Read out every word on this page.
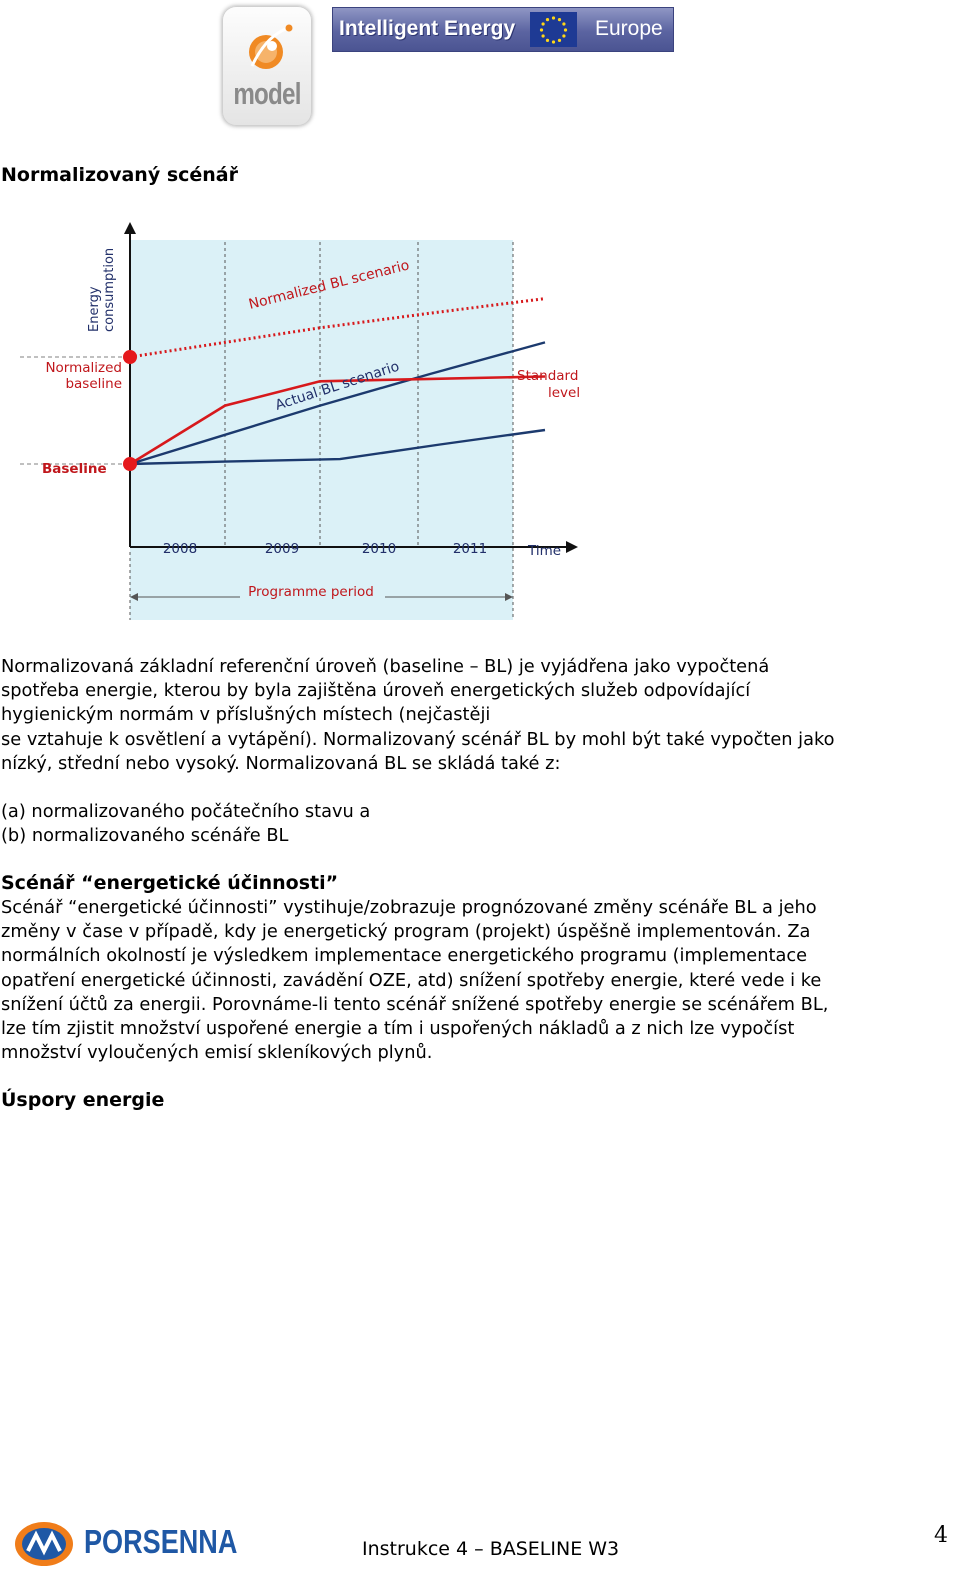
model
Intelligent Energy	Europe
Normalizovaný scénář
Energy consumption
Normalized
baseline
Baseline
Normalized BL scenario
Actual BL scenario	Standard
level
2008	2009	2010	2011	Time
Programme period
Normalizovaná základní referenční úroveň (baseline – BL) je vyjádřena jako vypočtená
spotřeba energie, kterou by byla zajištěna úroveň energetických služeb odpovídající
hygienickým normám v příslušných místech (nejčastěji
se vztahuje k osvětlení a vytápění). Normalizovaný scénář BL by mohl být také vypočten jako
nízký, střední nebo vysoký. Normalizovaná BL se skládá také z:
(a) normalizovaného počátečního stavu a
(b) normalizovaného scénáře BL
Scénář “energetické účinnosti”
Scénář “energetické účinnosti” vystihuje/zobrazuje prognózované změny scénáře BL a jeho
změny v čase v případě, kdy je energetický program (projekt) úspěšně implementován. Za
normálních okolností je výsledkem implementace energetického programu (implementace
opatření energetické účinnosti, zavádění OZE, atd) snížení spotřeby energie, které vede i ke
snížení účtů za energii. Porovnáme-li tento scénář snížené spotřeby energie se scénářem BL,
lze tím zjistit množství uspořené energie a tím i uspořených nákladů a z nich lze vypočíst
množství vyloučených emisí skleníkových plynů.
Úspory energie
PORSENNA	Instrukce 4 – BASELINE W3
4
